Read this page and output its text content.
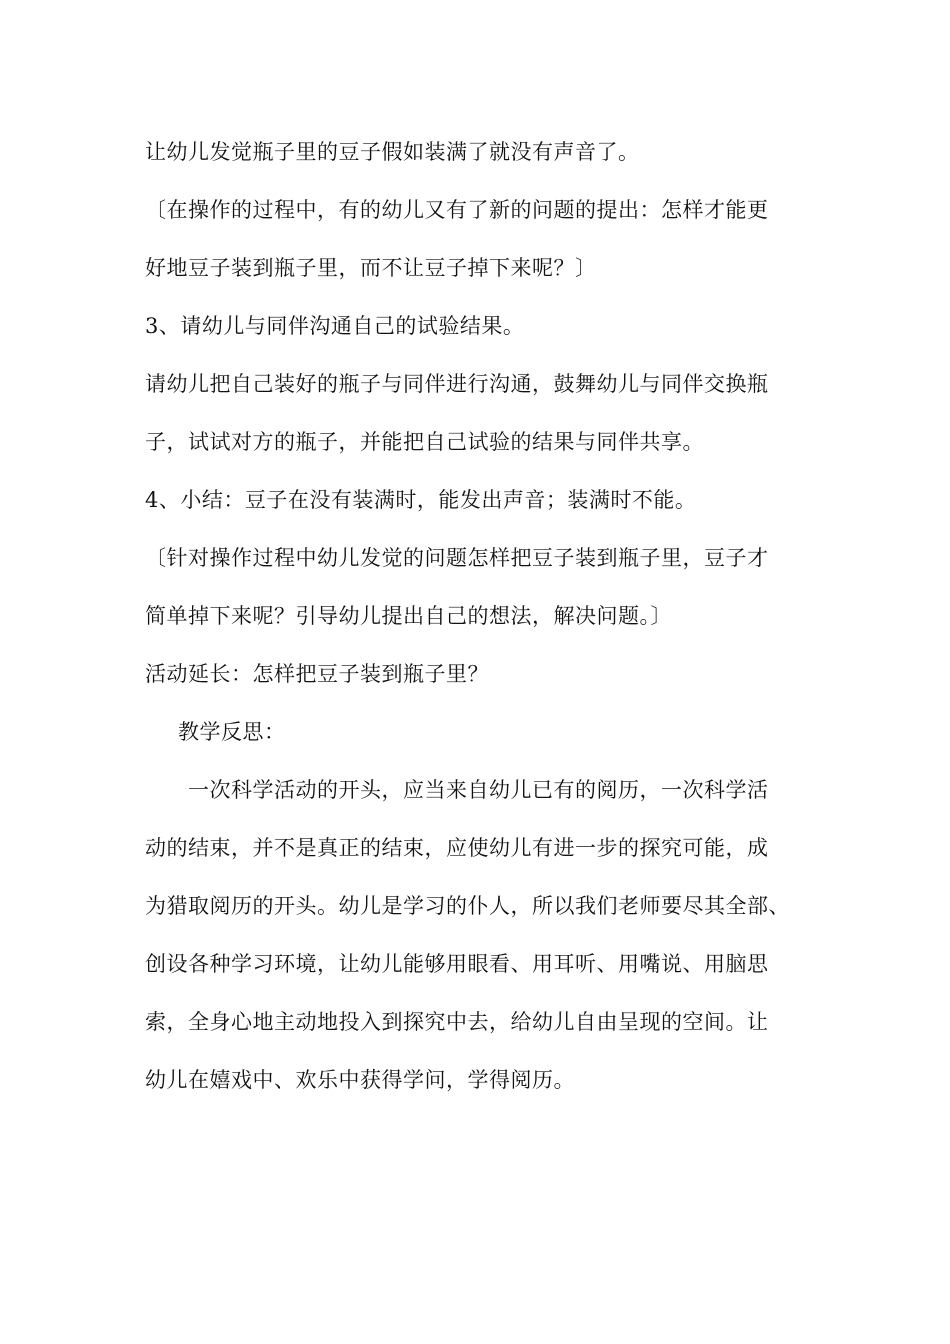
让幼儿发觉瓶子里的豆子假如装满了就没有声音了。
〔在操作的过程中，有的幼儿又有了新的问题的提出：怎样才能更
好地豆子装到瓶子里，而不让豆子掉下来呢？〕
3、请幼儿与同伴沟通自己的试验结果。
请幼儿把自己装好的瓶子与同伴进行沟通，鼓舞幼儿与同伴交换瓶
子，试试对方的瓶子，并能把自己试验的结果与同伴共享。
4、小结：豆子在没有装满时，能发出声音；装满时不能。
〔针对操作过程中幼儿发觉的问题怎样把豆子装到瓶子里，豆子才
简单掉下来呢？引导幼儿提出自己的想法，解决问题。〕
活动延长：怎样把豆子装到瓶子里？
教学反思：
一次科学活动的开头，应当来自幼儿已有的阅历，一次科学活
动的结束，并不是真正的结束，应使幼儿有进一步的探究可能，成
为猎取阅历的开头。幼儿是学习的仆人，所以我们老师要尽其全部、
创设各种学习环境，让幼儿能够用眼看、用耳听、用嘴说、用脑思
索，全身心地主动地投入到探究中去，给幼儿自由呈现的空间。让
幼儿在嬉戏中、欢乐中获得学问，学得阅历。
